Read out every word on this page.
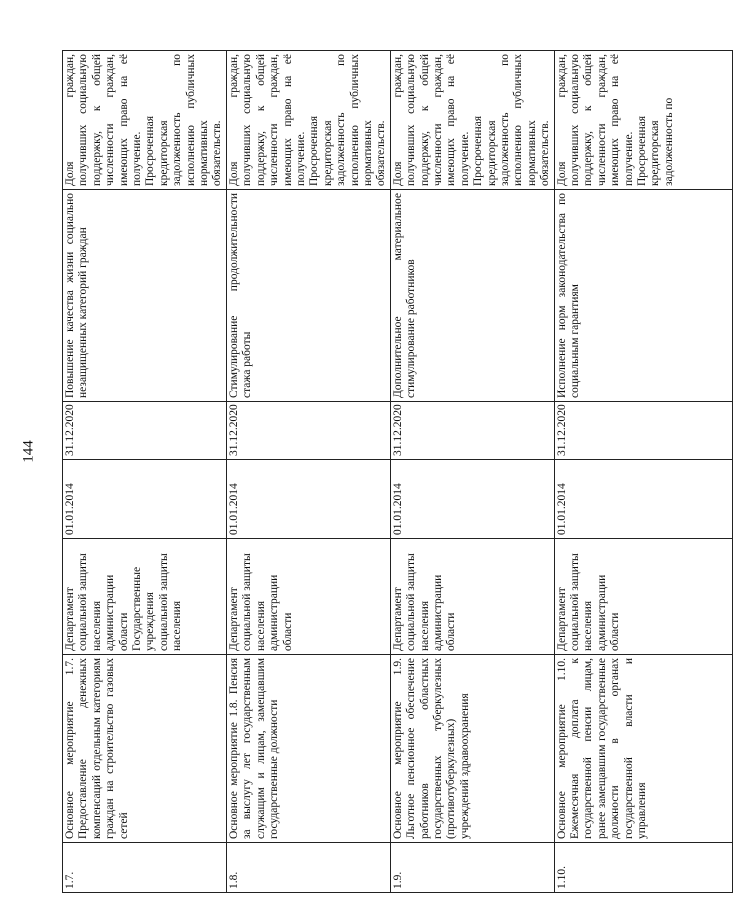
144
1.7.	Основное мероприятие 1.7. Предоставление денежных компенсаций отдельным категориям граждан на строительство газовых сетей	Департамент социальной защиты населения администрации области
Государственные учреждения социальной защиты населения	01.01.2014	31.12.2020	Повышение качества жизни социально незащищенных категорий граждан	Доля граждан, получивших социальную поддержку, к общей численности граждан, имеющих право на её получение.
Просроченная кредиторская задолженность по исполнению публичных нормативных обязательств.
1.8.	Основное мероприятие 1.8. Пенсия за выслугу лет государственным служащим и лицам, замещавшим государственные должности	Департамент социальной защиты населения администрации области	01.01.2014	31.12.2020	Стимулирование продолжительности стажа работы	Доля граждан, получивших социальную поддержку, к общей численности граждан, имеющих право на её получение.
Просроченная кредиторская задолженность по исполнению публичных нормативных обязательств.
1.9.	Основное мероприятие 1.9. Льготное пенсионное обеспечение работников областных государственных туберкулезных (противотуберкулезных) учреждений здравоохранения	Департамент социальной защиты населения администрации области	01.01.2014	31.12.2020	Дополнительное материальное стимулирование работников	Доля граждан, получивших социальную поддержку, к общей численности граждан, имеющих право на её получение.
Просроченная кредиторская задолженность по исполнению публичных нормативных обязательств.
1.10.	Основное мероприятие 1.10. Ежемесячная доплата к государственной пенсии лицам, ранее замещавшим государственные должности в органах государственной власти и управления	Департамент социальной защиты населения администрации области	01.01.2014	31.12.2020	Исполнение норм законодательства по социальным гарантиям	Доля граждан, получивших социальную поддержку, к общей численности граждан, имеющих право на её получение.
Просроченная кредиторская задолженность по
